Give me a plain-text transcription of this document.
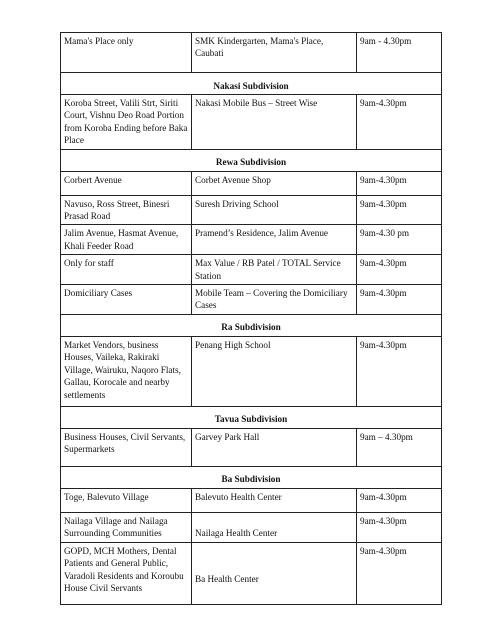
Mama's Place only	SMK Kindergarten, Mama's Place, Caubati	9am - 4.30pm
Nakasi Subdivision		
Koroba Street, Valili Strt, Siriti Court, Vishnu Deo Road Portion from Koroba Ending before Baka Place	Nakasi Mobile Bus – Street Wise	9am-4.30pm
Rewa Subdivision		
Corbert Avenue	Corbet Avenue Shop	9am-4.30pm
Navuso, Ross Street, Binesri Prasad Road	Suresh Driving School	9am-4.30pm
Jalim Avenue, Hasmat Avenue, Khali Feeder Road	Pramend’s Residence, Jalim Avenue	9am-4.30 pm
Only for staff	Max Value / RB Patel / TOTAL Service Station	9am-4.30pm
Domiciliary Cases	Mobile Team – Covering the Domiciliary Cases	9am-4.30pm
Ra Subdivision		
Market Vendors, business Houses, Vaileka, Rakiraki Village, Wairuku, Naqoro Flats, Gallau, Korocale and nearby settlements	Penang High School	9am-4.30pm
Tavua Subdivision		
Business Houses, Civil Servants, Supermarkets	Garvey Park Hall	9am – 4.30pm
Ba Subdivision		
Toge, Balevuto Village	Balevuto Health Center	9am-4.30pm
Nailaga Village and Nailaga Surrounding Communities	Nailaga Health Center	9am-4.30pm
GOPD, MCH Mothers, Dental Patients and General Public, Varadoli Residents and Koroubu House Civil Servants	Ba Health Center	9am-4.30pm
